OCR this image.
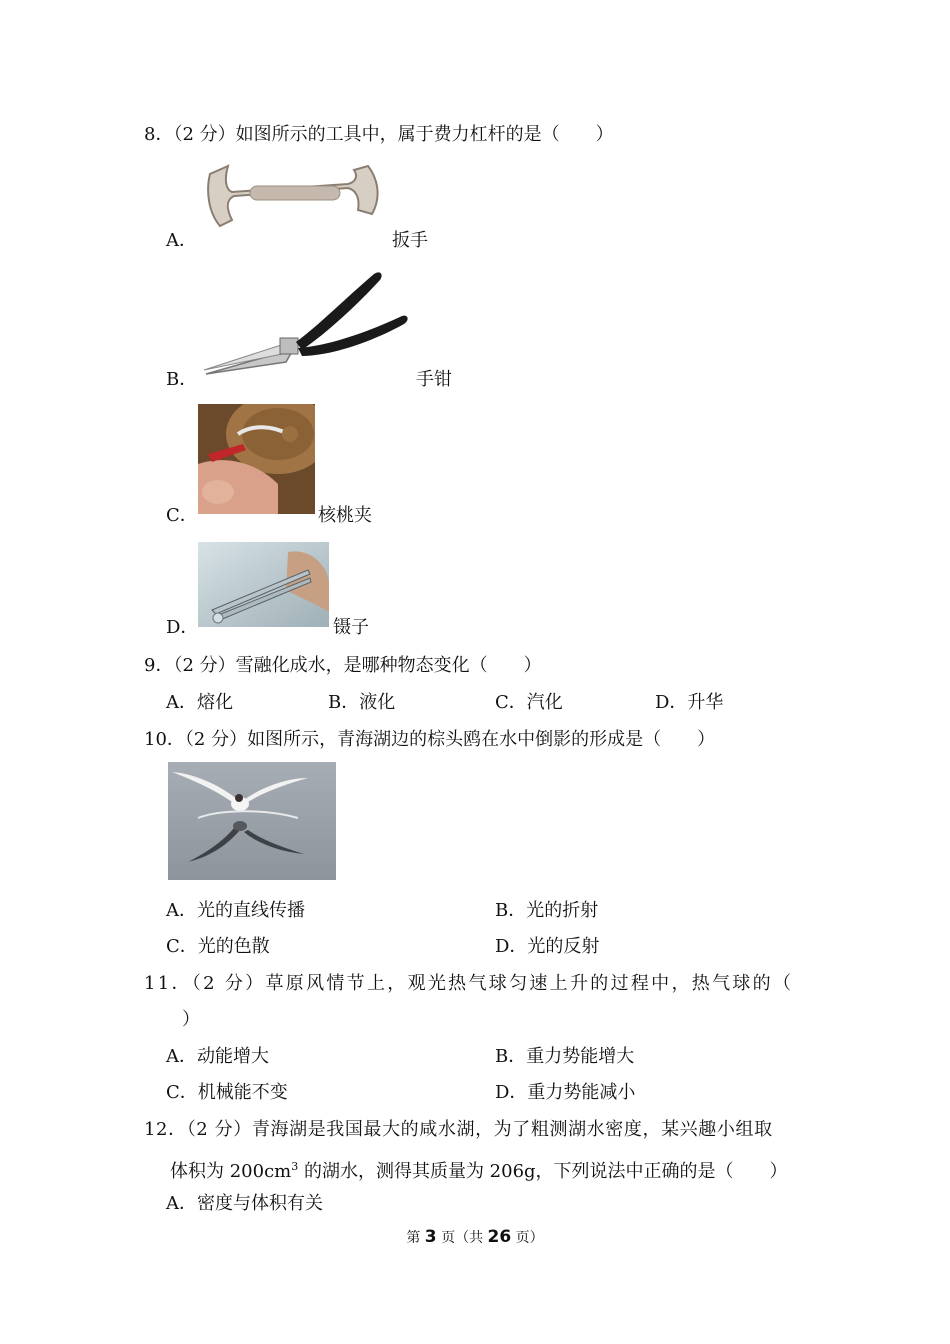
8．（2 分）如图所示的工具中，属于费力杠杆的是（　　）
A．	扳手
B．	手钳
C．	核桃夹
D．	镊子
9．（2 分）雪融化成水，是哪种物态变化（　　）
A．熔化	B．液化	C．汽化	D．升华
10．（2 分）如图所示，青海湖边的棕头鸥在水中倒影的形成是（　　）
A．光的直线传播	B．光的折射
C．光的色散	D．光的反射
11．（2 分）草原风情节上，观光热气球匀速上升的过程中，热气球的（
）
A．动能增大	B．重力势能增大
C．机械能不变	D．重力势能减小
12．（2 分）青海湖是我国最大的咸水湖，为了粗测湖水密度，某兴趣小组取
体积为 $200cm^3$ 的湖水，测得其质量为 206g，下列说法中正确的是（　　）
A．密度与体积有关
第 3 页（共 26 页）
